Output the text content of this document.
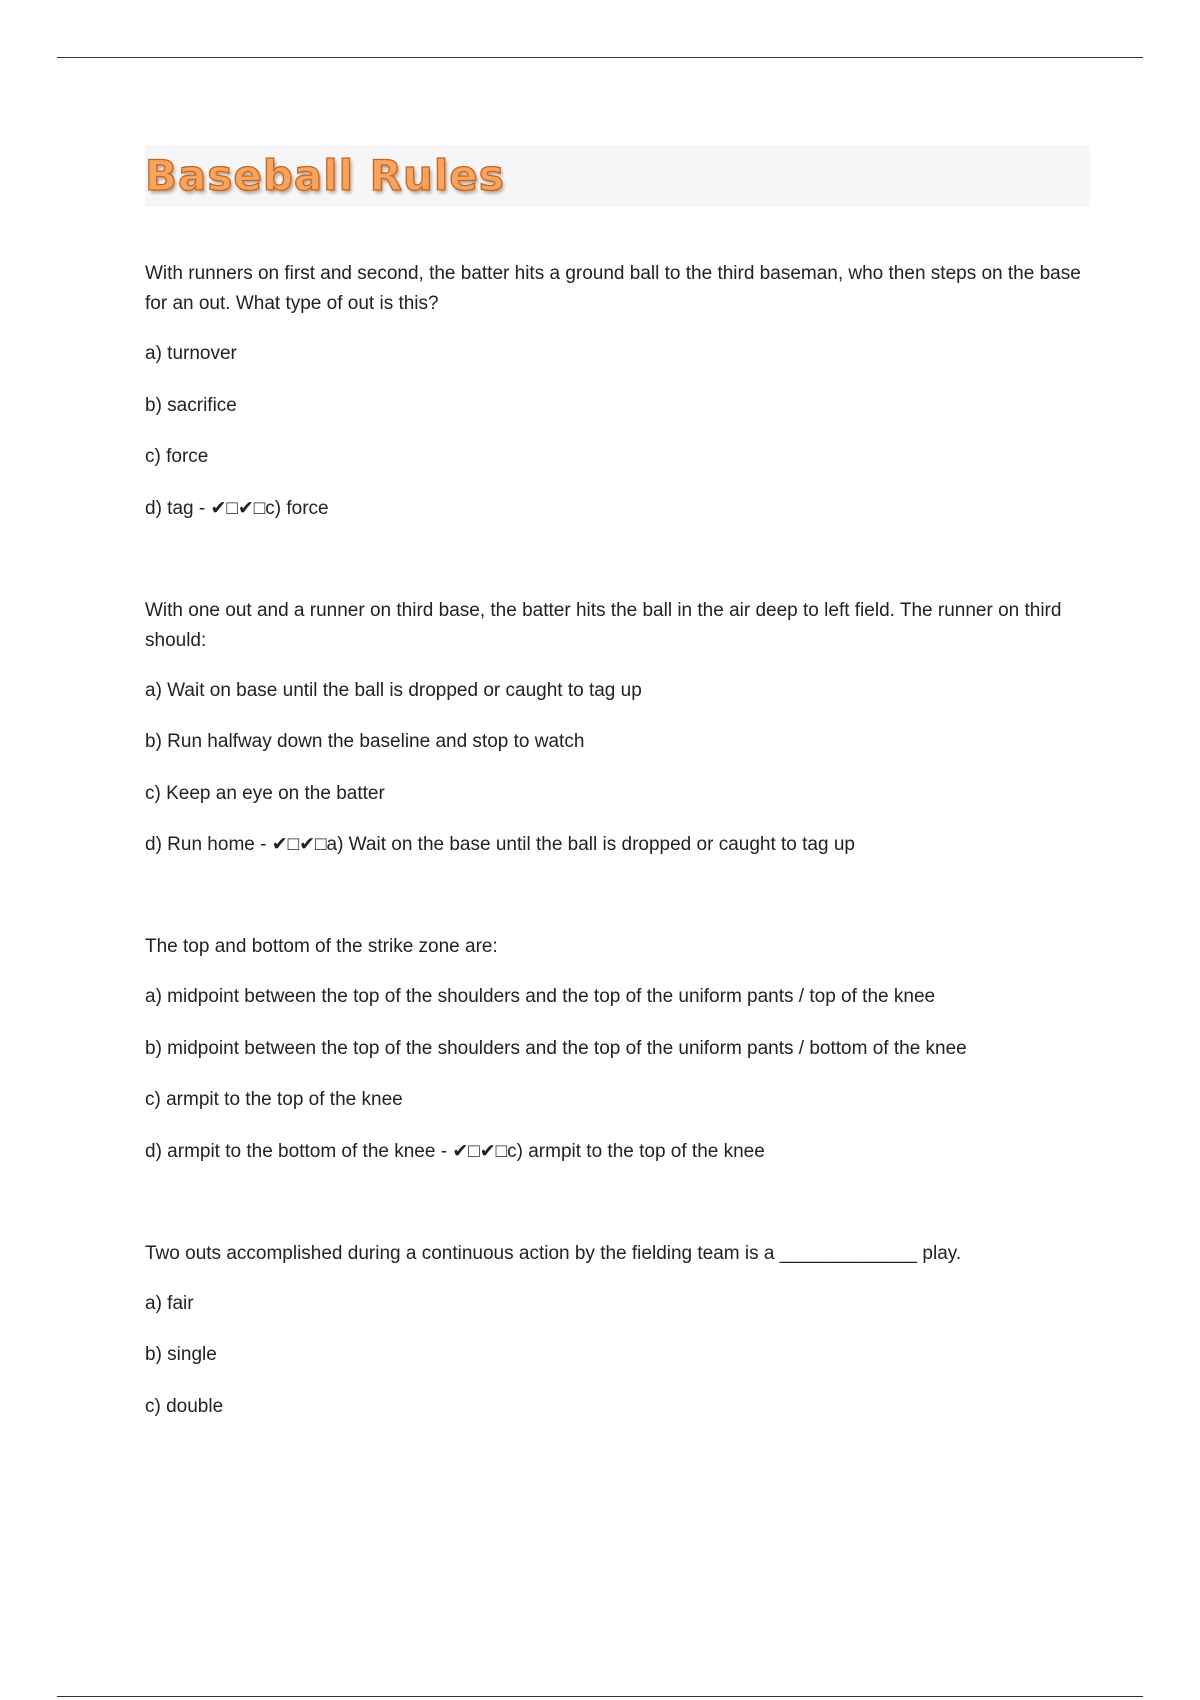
Baseball Rules

With runners on first and second, the batter hits a ground ball to the third baseman, who then steps on the base for an out. What type of out is this?

a) turnover
b) sacrifice
c) force
d) tag - ✔□✔□c) force

With one out and a runner on third base, the batter hits the ball in the air deep to left field. The runner on third should:

a) Wait on base until the ball is dropped or caught to tag up
b) Run halfway down the baseline and stop to watch
c) Keep an eye on the batter
d) Run home - ✔□✔□a) Wait on the base until the ball is dropped or caught to tag up

The top and bottom of the strike zone are:

a) midpoint between the top of the shoulders and the top of the uniform pants / top of the knee
b) midpoint between the top of the shoulders and the top of the uniform pants / bottom of the knee
c) armpit to the top of the knee
d) armpit to the bottom of the knee - ✔□✔□c) armpit to the top of the knee

Two outs accomplished during a continuous action by the fielding team is a _____________ play.

a) fair
b) single
c) double
